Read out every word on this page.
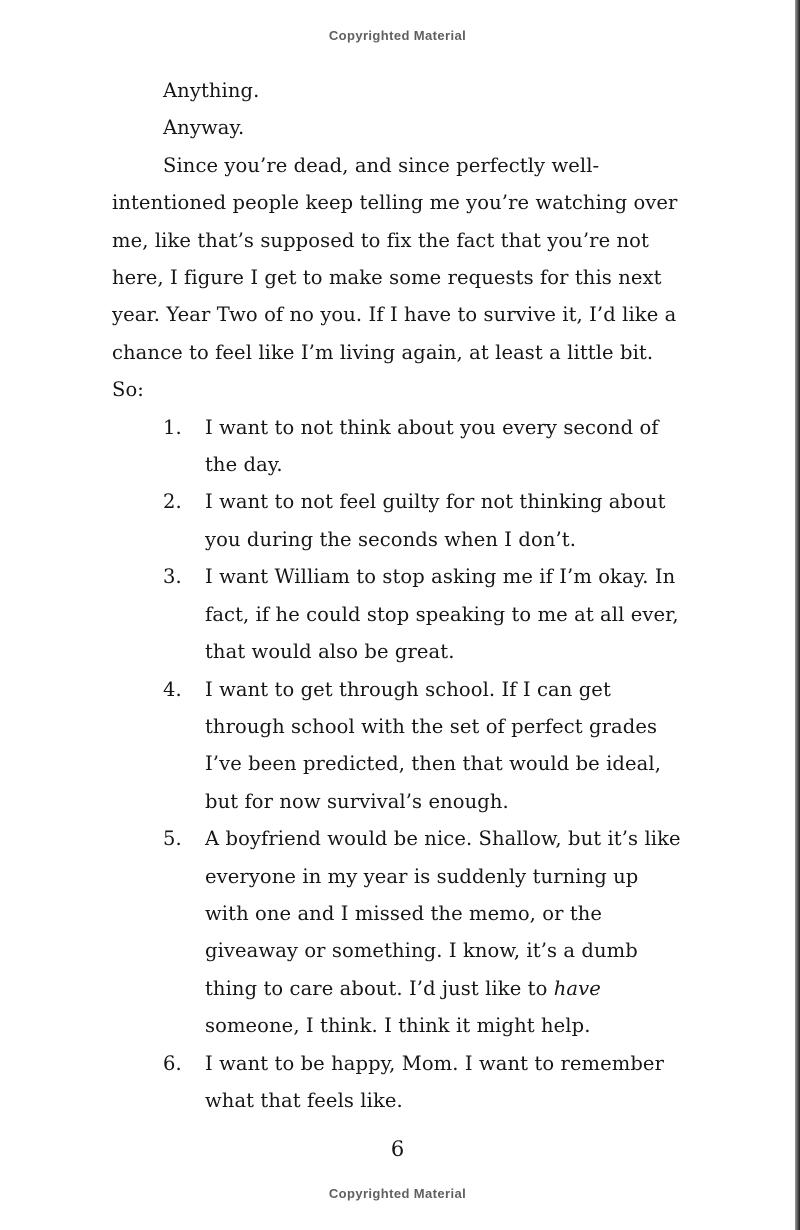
Copyrighted Material

Anything.

Anyway.

Since you’re dead, and since perfectly well-intentioned people keep telling me you’re watching over me, like that’s supposed to fix the fact that you’re not here, I figure I get to make some requests for this next year. Year Two of no you. If I have to survive it, I’d like a chance to feel like I’m living again, at least a little bit. So:

1.	I want to not think about you every second of the day.
2.	I want to not feel guilty for not thinking about you during the seconds when I don’t.
3.	I want William to stop asking me if I’m okay. In fact, if he could stop speaking to me at all ever, that would also be great.
4.	I want to get through school. If I can get through school with the set of perfect grades I’ve been predicted, then that would be ideal, but for now survival’s enough.
5.	A boyfriend would be nice. Shallow, but it’s like everyone in my year is suddenly turning up with one and I missed the memo, or the giveaway or something. I know, it’s a dumb thing to care about. I’d just like to have someone, I think. I think it might help.
6.	I want to be happy, Mom. I want to remember what that feels like.
6
Copyrighted Material
